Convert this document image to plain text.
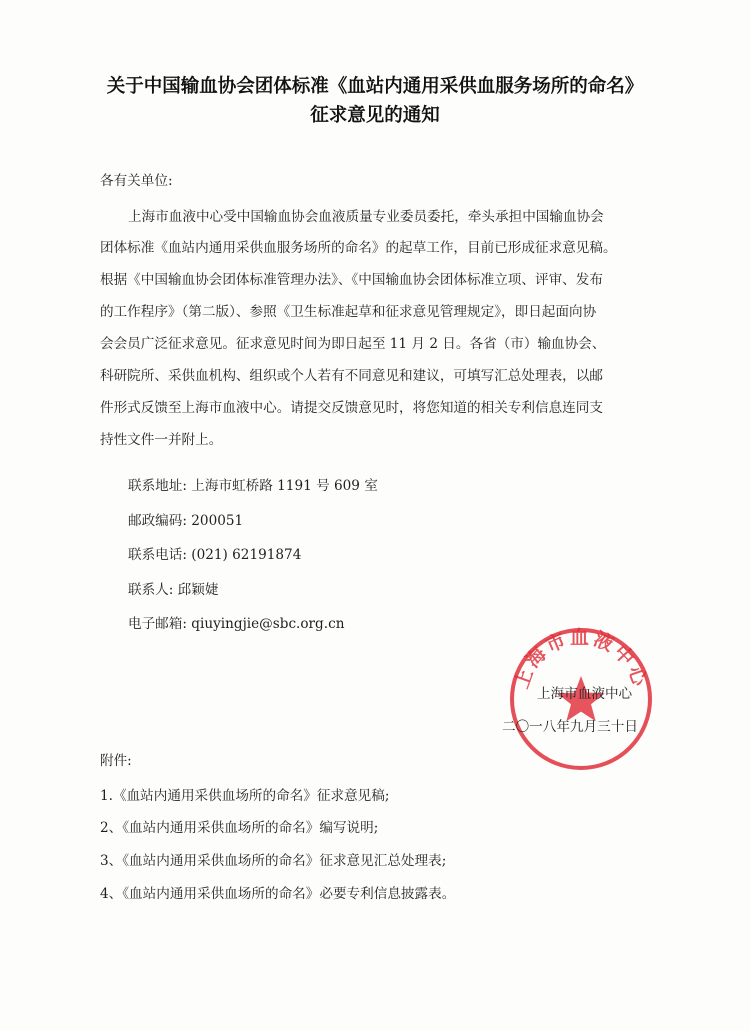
关于中国输血协会团体标准《血站内通用采供血服务场所的命名》
征求意见的通知
各有关单位:
上海市血液中心受中国输血协会血液质量专业委员委托，牵头承担中国输血协会
团体标准《血站内通用采供血服务场所的命名》的起草工作，目前已形成征求意见稿。
根据《中国输血协会团体标准管理办法》、《中国输血协会团体标准立项、评审、发布
的工作程序》（第二版）、参照《卫生标准起草和征求意见管理规定》，即日起面向协
会会员广泛征求意见。征求意见时间为即日起至 11 月 2 日。各省（市）输血协会、
科研院所、采供血机构、组织或个人若有不同意见和建议，可填写汇总处理表，以邮
件形式反馈至上海市血液中心。请提交反馈意见时，将您知道的相关专利信息连同支
持性文件一并附上。
联系地址: 上海市虹桥路 1191 号 609 室
邮政编码: 200051
联系电话: (021) 62191874
联系人: 邱颖婕
电子邮箱: qiuyingjie@sbc.org.cn
上海市血液中心
上海市血液中心
二〇一八年九月三十日
附件:
1.《血站内通用采供血场所的命名》征求意见稿;
2、《血站内通用采供血场所的命名》编写说明;
3、《血站内通用采供血场所的命名》征求意见汇总处理表;
4、《血站内通用采供血场所的命名》必要专利信息披露表。
